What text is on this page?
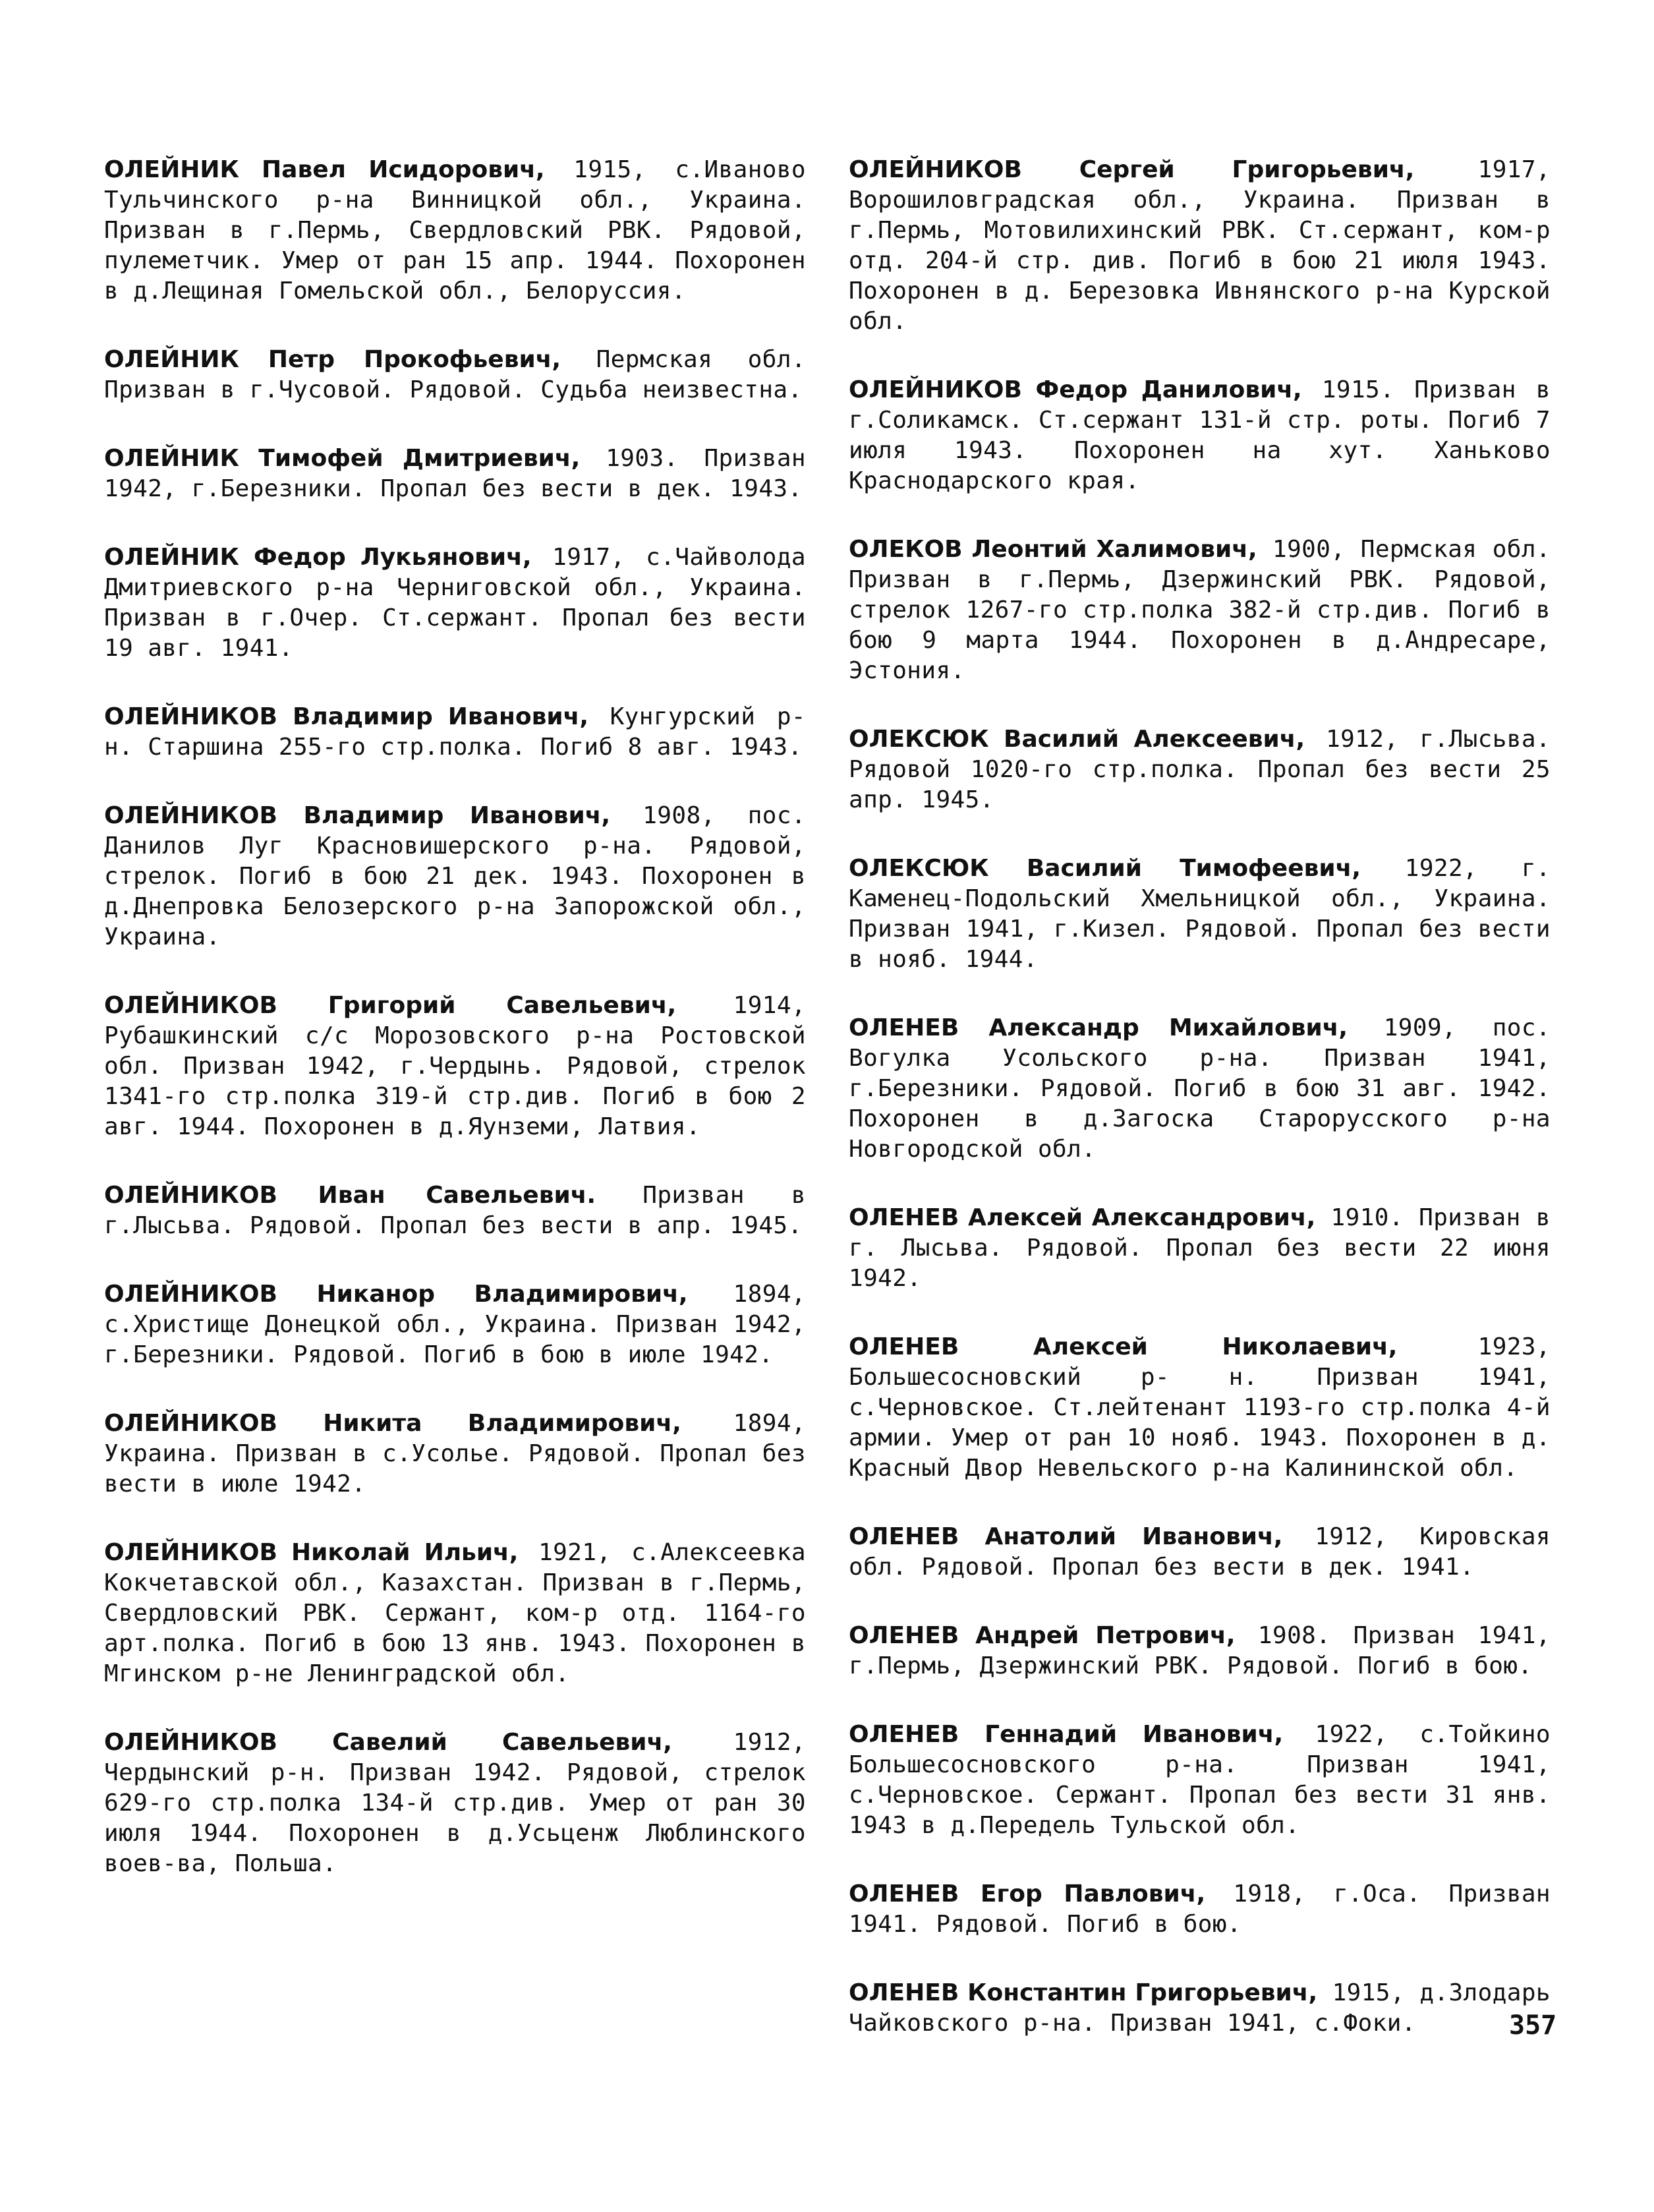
ОЛЕЙНИК Павел Исидорович, 1915, с.Иваново Тульчинского р-на Винницкой обл., Украина. Призван в г.Пермь, Свердловский РВК. Рядовой, пулеметчик. Умер от ран 15 апр. 1944. Похоронен в д.Лещиная Гомельской обл., Белоруссия.

ОЛЕЙНИК Петр Прокофьевич, Пермская обл. Призван в г.Чусовой. Рядовой. Судьба неизвестна.

ОЛЕЙНИК Тимофей Дмитриевич, 1903. Призван 1942, г.Березники. Пропал без вести в дек. 1943.

ОЛЕЙНИК Федор Лукьянович, 1917, с.Чайволода Дмитриевского р-на Черниговской обл., Украина. Призван в г.Очер. Ст.сержант. Пропал без вести 19 авг. 1941.

ОЛЕЙНИКОВ Владимир Иванович, Кунгурский р-н. Старшина 255-го стр.полка. Погиб 8 авг. 1943.

ОЛЕЙНИКОВ Владимир Иванович, 1908, пос. Данилов Луг Красновишерского р-на. Рядовой, стрелок. Погиб в бою 21 дек. 1943. Похоронен в д.Днепровка Белозерского р-на Запорожской обл., Украина.

ОЛЕЙНИКОВ Григорий Савельевич, 1914, Рубашкинский с/с Морозовского р-на Ростовской обл. Призван 1942, г.Чердынь. Рядовой, стрелок 1341-го стр.полка 319-й стр.див. Погиб в бою 2 авг. 1944. Похоронен в д.Яунземи, Латвия.

ОЛЕЙНИКОВ Иван Савельевич. Призван в г.Лысьва. Рядовой. Пропал без вести в апр. 1945.

ОЛЕЙНИКОВ Никанор Владимирович, 1894, с.Христище Донецкой обл., Украина. Призван 1942, г.Березники. Рядовой. Погиб в бою в июле 1942.

ОЛЕЙНИКОВ Никита Владимирович, 1894, Украина. Призван в с.Усолье. Рядовой. Пропал без вести в июле 1942.

ОЛЕЙНИКОВ Николай Ильич, 1921, с.Алексеевка Кокчетавской обл., Казахстан. Призван в г.Пермь, Свердловский РВК. Сержант, ком-р отд. 1164-го арт.полка. Погиб в бою 13 янв. 1943. Похоронен в Мгинском р-не Ленинградской обл.

ОЛЕЙНИКОВ Савелий Савельевич,	1912, Чердынский р-н. Призван 1942. Рядовой, стрелок 629-го стр.полка 134-й стр.див. Умер от ран 30 июля 1944. Похоронен в д.Усьценж Люблинского воев-ва, Польша.

ОЛЕЙНИКОВ Сергей Григорьевич,	1917, Ворошиловградская обл., Украина. Призван в г.Пермь, Мотовилихинский РВК. Ст.сержант, ком-р отд. 204-й стр. див. Погиб в бою 21 июля 1943. Похоронен в д. Березовка Ивнянского р-на Курской обл.

ОЛЕЙНИКОВ Федор Данилович, 1915. Призван в г.Соликамск. Ст.сержант 131-й стр. роты. Погиб 7 июля 1943. Похоронен на хут. Ханьково Краснодарского края.

ОЛЕКОВ Леонтий Халимович, 1900, Пермская обл. Призван в г.Пермь, Дзержинский РВК. Рядовой, стрелок 1267-го стр.полка 382-й стр.див. Погиб в бою 9 марта 1944. Похоронен в д.Андресаре, Эстония.

ОЛЕКСЮК Василий Алексеевич, 1912, г.Лысьва. Рядовой 1020-го стр.полка. Пропал без вести 25 апр. 1945.

ОЛЕКСЮК Василий Тимофеевич, 1922, г. Каменец-Подольский Хмельницкой обл., Украина. Призван 1941, г.Кизел. Рядовой. Пропал без вести в нояб. 1944.

ОЛЕНЕВ Александр Михайлович, 1909, пос. Вогулка Усольского р-на. Призван 1941, г.Березники. Рядовой. Погиб в бою 31 авг. 1942. Похоронен в д.Загоска Старорусского р-на Новгородской обл.

ОЛЕНЕВ Алексей Александрович, 1910. Призван в г. Лысьва. Рядовой. Пропал без вести 22 июня 1942.

ОЛЕНЕВ Алексей Николаевич,	1923, Большесосновский р- н. Призван 1941, с.Черновское. Ст.лейтенант 1193-го стр.полка 4-й армии. Умер от ран 10 нояб. 1943. Похоронен в д. Красный Двор Невельского р-на Калининской обл.

ОЛЕНЕВ Анатолий Иванович, 1912, Кировская обл. Рядовой. Пропал без вести в дек. 1941.

ОЛЕНЕВ Андрей Петрович, 1908. Призван 1941, г.Пермь, Дзержинский РВК. Рядовой. Погиб в бою.

ОЛЕНЕВ Геннадий Иванович, 1922, с.Тойкино Большесосновского р-на. Призван 1941, с.Черновское. Сержант. Пропал без вести 31 янв. 1943 в д.Передель Тульской обл.

ОЛЕНЕВ Егор Павлович, 1918, г.Оса. Призван 1941. Рядовой. Погиб в бою.

ОЛЕНЕВ Константин Григорьевич, 1915, д.Злодарь Чайковского р-на. Призван 1941, с.Фоки.	357
